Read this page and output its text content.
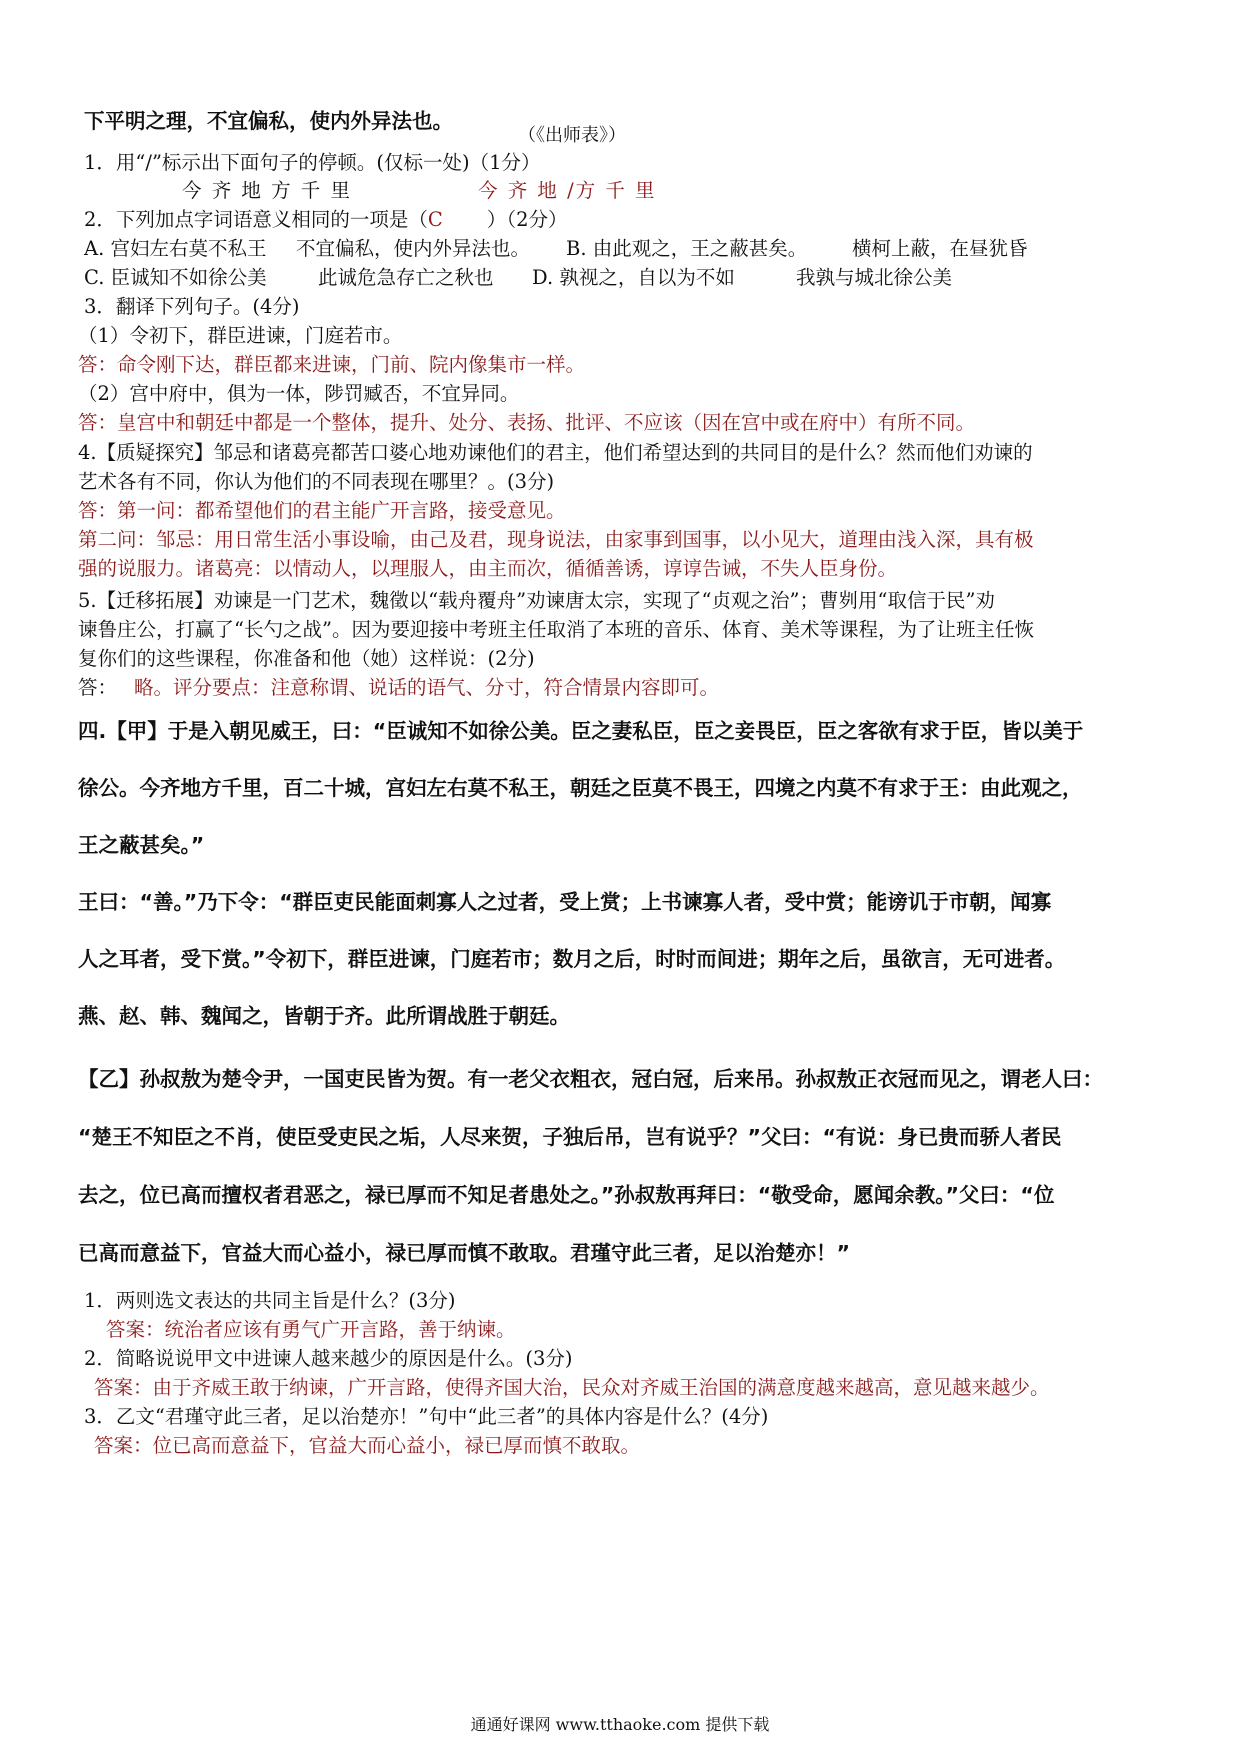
下平明之理，不宜偏私，使内外异法也。
（《出师表》）
1．用“/”标示出下面句子的停顿。(仅标一处)（1分）
今 齐 地 方 千 里	今 齐 地 /方 千 里
2．下列加点字词语意义相同的一项是（C ）（2分）
A. 宫妇左右莫不私王 不宜偏私，使内外异法也。 B. 由此观之，王之蔽甚矣。 横柯上蔽，在昼犹昏
C. 臣诚知不如徐公美	此诚危急存亡之秋也 D. 孰视之，自以为不如	我孰与城北徐公美
3．翻译下列句子。(4分)
（1）令初下，群臣进谏，门庭若市。
答：命令刚下达，群臣都来进谏，门前、院内像集市一样。
（2）宫中府中，俱为一体，陟罚臧否，不宜异同。
答：皇宫中和朝廷中都是一个整体，提升、处分、表扬、批评、不应该（因在宫中或在府中）有所不同。
4.【质疑探究】邹忌和诸葛亮都苦口婆心地劝谏他们的君主，他们希望达到的共同目的是什么？然而他们劝谏的
艺术各有不同，你认为他们的不同表现在哪里？。(3分)
答：第一问：都希望他们的君主能广开言路，接受意见。
第二问：邹忌：用日常生活小事设喻，由己及君，现身说法，由家事到国事，以小见大，道理由浅入深，具有极
强的说服力。诸葛亮：以情动人，以理服人，由主而次，循循善诱，谆谆告诫，不失人臣身份。
5.【迁移拓展】劝谏是一门艺术，魏徵以“载舟覆舟”劝谏唐太宗，实现了“贞观之治”；曹刿用“取信于民”劝
谏鲁庄公，打赢了“长勺之战”。因为要迎接中考班主任取消了本班的音乐、体育、美术等课程，为了让班主任恢
复你们的这些课程，你准备和他（她）这样说：(2分)
答： 略。评分要点：注意称谓、说话的语气、分寸，符合情景内容即可。
四.【甲】于是入朝见威王，曰：“臣诚知不如徐公美。臣之妻私臣，臣之妾畏臣，臣之客欲有求于臣，皆以美于
徐公。今齐地方千里，百二十城，宫妇左右莫不私王，朝廷之臣莫不畏王，四境之内莫不有求于王：由此观之，
王之蔽甚矣。”
王曰：“善。”乃下令：“群臣吏民能面刺寡人之过者，受上赏；上书谏寡人者，受中赏；能谤讥于市朝，闻寡
人之耳者，受下赏。”令初下，群臣进谏，门庭若市；数月之后，时时而间进；期年之后，虽欲言，无可进者。
燕、赵、韩、魏闻之，皆朝于齐。此所谓战胜于朝廷。
【乙】孙叔敖为楚令尹，一国吏民皆为贺。有一老父衣粗衣，冠白冠，后来吊。孙叔敖正衣冠而见之，谓老人曰：
“楚王不知臣之不肖，使臣受吏民之垢，人尽来贺，子独后吊，岂有说乎？”父曰：“有说：身已贵而骄人者民
去之，位已高而擅权者君恶之，禄已厚而不知足者患处之。”孙叔敖再拜曰：“敬受命，愿闻余教。”父曰：“位
已高而意益下，官益大而心益小，禄已厚而慎不敢取。君瑾守此三者，足以治楚亦！”
1．两则选文表达的共同主旨是什么？(3分)
答案：统治者应该有勇气广开言路，善于纳谏。
2．简略说说甲文中进谏人越来越少的原因是什么。(3分)
答案：由于齐威王敢于纳谏，广开言路，使得齐国大治，民众对齐威王治国的满意度越来越高，意见越来越少。
3．乙文“君瑾守此三者，足以治楚亦！”句中“此三者”的具体内容是什么？(4分)
答案：位已高而意益下，官益大而心益小，禄已厚而慎不敢取。
通通好课网 www.tthaoke.com 提供下载
